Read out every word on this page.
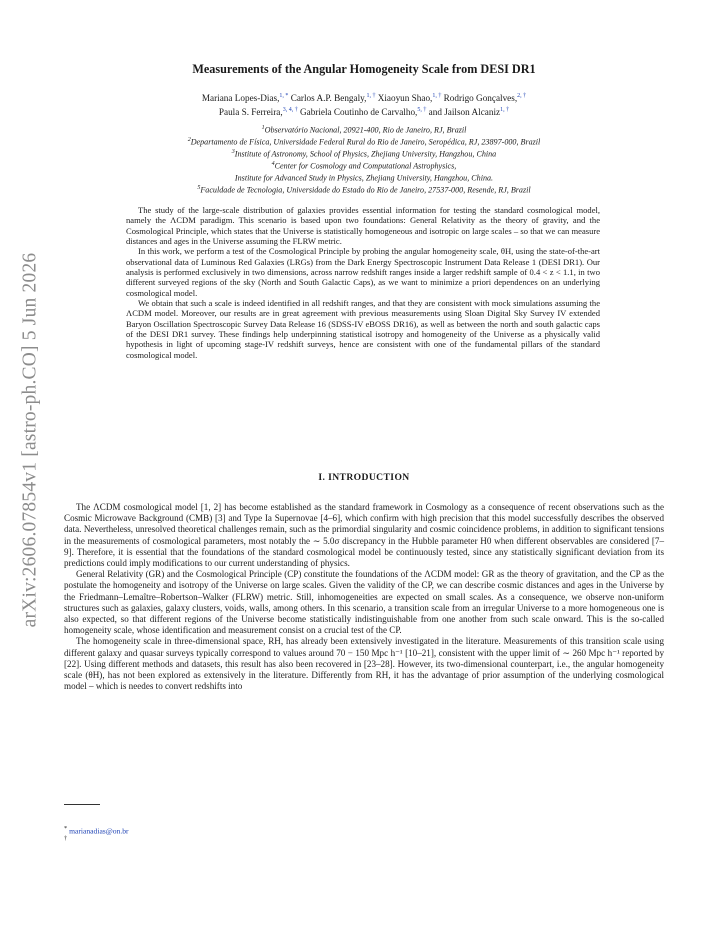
arXiv:2606.07854v1 [astro-ph.CO] 5 Jun 2026
Measurements of the Angular Homogeneity Scale from DESI DR1
Mariana Lopes-Dias,$^{1, *}$ Carlos A.P. Bengaly,$^{1, \dagger}$ Xiaoyun Shao,$^{1, \dagger}$ Rodrigo Gonçalves,$^{2, \dagger}$
Paula S. Ferreira,$^{3, 4, \dagger}$ Gabriela Coutinho de Carvalho,$^{5, \dagger}$ and Jailson Alcaniz$^{1, \dagger}$
$^1$Observatório Nacional, 20921-400, Rio de Janeiro, RJ, Brazil
$^2$Departamento de Física, Universidade Federal Rural do Rio de Janeiro, Seropédica, RJ, 23897-000, Brazil
$^3$Institute of Astronomy, School of Physics, Zhejiang University, Hangzhou, China
$^4$Center for Cosmology and Computational Astrophysics,
Institute for Advanced Study in Physics, Zhejiang University, Hangzhou, China.
$^5$Faculdade de Tecnologia, Universidade do Estado do Rio de Janeiro, 27537-000, Resende, RJ, Brazil

The study of the large-scale distribution of galaxies provides essential information for testing the standard cosmological model, namely the ΛCDM paradigm. This scenario is based upon two foundations: General Relativity as the theory of gravity, and the Cosmological Principle, which states that the Universe is statistically homogeneous and isotropic on large scales – so that we can measure distances and ages in the Universe assuming the FLRW metric.

In this work, we perform a test of the Cosmological Principle by probing the angular homogeneity scale, θH, using the state-of-the-art observational data of Luminous Red Galaxies (LRGs) from the Dark Energy Spectroscopic Instrument Data Release 1 (DESI DR1). Our analysis is performed exclusively in two dimensions, across narrow redshift ranges inside a larger redshift sample of 0.4 < z < 1.1, in two different surveyed regions of the sky (North and South Galactic Caps), as we want to minimize a priori dependences on an underlying cosmological model.

We obtain that such a scale is indeed identified in all redshift ranges, and that they are consistent with mock simulations assuming the ΛCDM model. Moreover, our results are in great agreement with previous measurements using Sloan Digital Sky Survey IV extended Baryon Oscillation Spectroscopic Survey Data Release 16 (SDSS-IV eBOSS DR16), as well as between the north and south galactic caps of the DESI DR1 survey. These findings help underpinning statistical isotropy and homogeneity of the Universe as a physically valid hypothesis in light of upcoming stage-IV redshift surveys, hence are consistent with one of the fundamental pillars of the standard cosmological model.

I. INTRODUCTION

The ΛCDM cosmological model [1, 2] has become established as the standard framework in Cosmology as a consequence of recent observations such as the Cosmic Microwave Background (CMB) [3] and Type Ia Supernovae [4–6], which confirm with high precision that this model successfully describes the observed data. Nevertheless, unresolved theoretical challenges remain, such as the primordial singularity and cosmic coincidence problems, in addition to significant tensions in the measurements of cosmological parameters, most notably the ∼ 5.0σ discrepancy in the Hubble parameter H0 when different observables are considered [7–9]. Therefore, it is essential that the foundations of the standard cosmological model be continuously tested, since any statistically significant deviation from its predictions could imply modifications to our current understanding of physics.

General Relativity (GR) and the Cosmological Principle (CP) constitute the foundations of the ΛCDM model: GR as the theory of gravitation, and the CP as the postulate the homogeneity and isotropy of the Universe on large scales. Given the validity of the CP, we can describe cosmic distances and ages in the Universe by the Friedmann–Lemaître–Robertson–Walker (FLRW) metric. Still, inhomogeneities are expected on small scales. As a consequence, we observe non-uniform structures such as galaxies, galaxy clusters, voids, walls, among others. In this scenario, a transition scale from an irregular Universe to a more homogeneous one is also expected, so that different regions of the Universe become statistically indistinguishable from one another from such scale onward. This is the so-called homogeneity scale, whose identification and measurement consist on a crucial test of the CP.

The homogeneity scale in three-dimensional space, RH, has already been extensively investigated in the literature. Measurements of this transition scale using different galaxy and quasar surveys typically correspond to values around 70 − 150 Mpc h⁻¹ [10–21], consistent with the upper limit of ∼ 260 Mpc h⁻¹ reported by [22]. Using different methods and datasets, this result has also been recovered in [23–28]. However, its two-dimensional counterpart, i.e., the angular homogeneity scale (θH), has not been explored as extensively in the literature. Differently from RH, it has the advantage of prior assumption of the underlying cosmological model – which is needes to convert redshifts into

* marianadias@on.br
†
